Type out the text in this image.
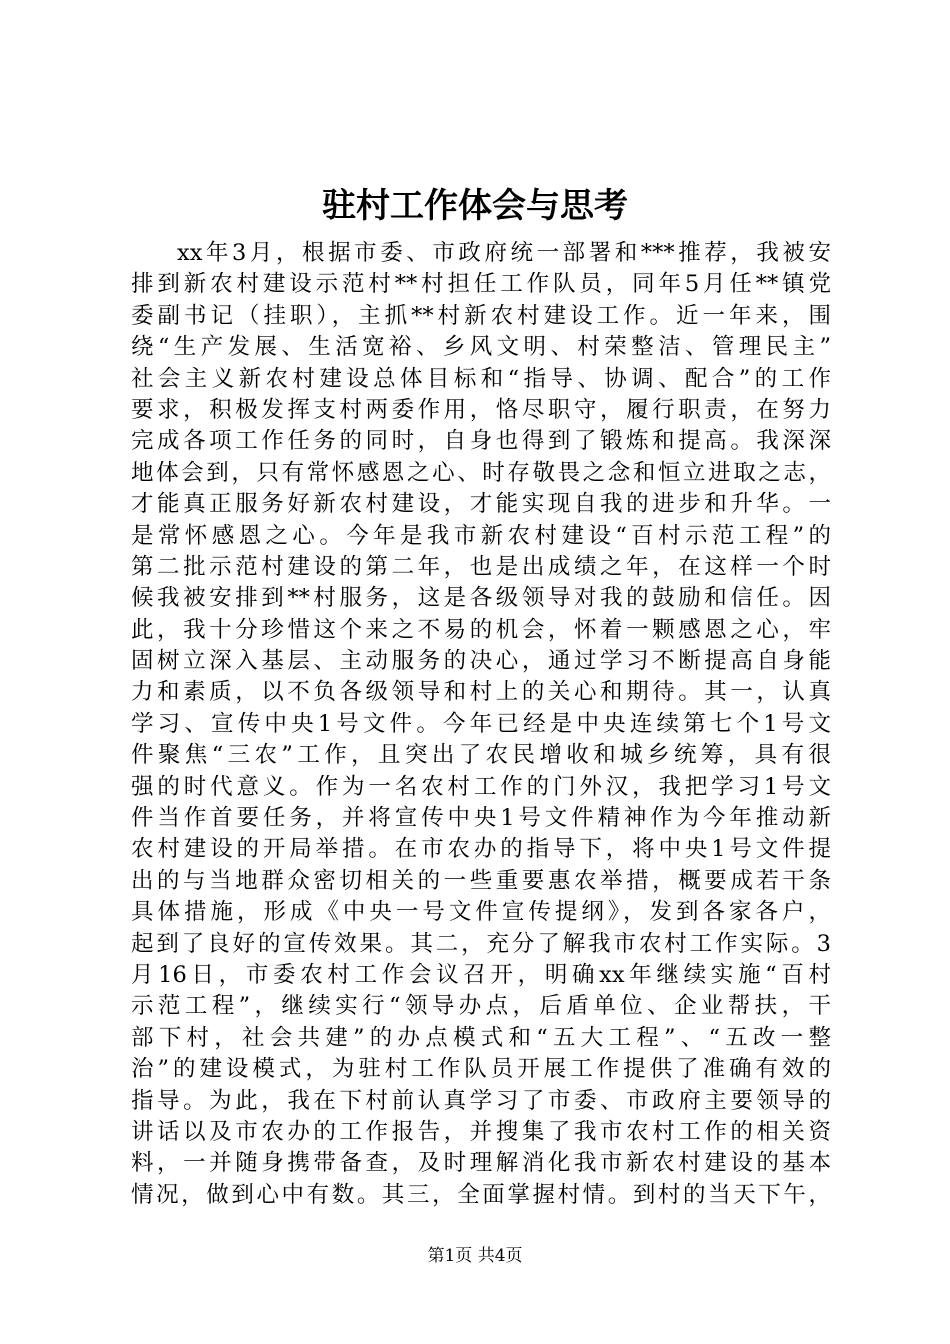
驻村工作体会与思考
xx年3月，根据市委、市政府统一部署和***推荐，我被安
排到新农村建设示范村**村担任工作队员，同年5月任**镇党
委副书记（挂职），主抓**村新农村建设工作。近一年来，围
绕“生产发展、生活宽裕、乡风文明、村荣整洁、管理民主”
社会主义新农村建设总体目标和“指导、协调、配合”的工作
要求，积极发挥支村两委作用，恪尽职守，履行职责，在努力
完成各项工作任务的同时，自身也得到了锻炼和提高。我深深
地体会到，只有常怀感恩之心、时存敬畏之念和恒立进取之志，
才能真正服务好新农村建设，才能实现自我的进步和升华。一
是常怀感恩之心。今年是我市新农村建设“百村示范工程”的
第二批示范村建设的第二年，也是出成绩之年，在这样一个时
候我被安排到**村服务，这是各级领导对我的鼓励和信任。因
此，我十分珍惜这个来之不易的机会，怀着一颗感恩之心，牢
固树立深入基层、主动服务的决心，通过学习不断提高自身能
力和素质，以不负各级领导和村上的关心和期待。其一，认真
学习、宣传中央1号文件。今年已经是中央连续第七个1号文
件聚焦“三农”工作，且突出了农民增收和城乡统筹，具有很
强的时代意义。作为一名农村工作的门外汉，我把学习1号文
件当作首要任务，并将宣传中央1号文件精神作为今年推动新
农村建设的开局举措。在市农办的指导下，将中央1号文件提
出的与当地群众密切相关的一些重要惠农举措，概要成若干条
具体措施，形成《中央一号文件宣传提纲》，发到各家各户，
起到了良好的宣传效果。其二，充分了解我市农村工作实际。3
月16日，市委农村工作会议召开，明确xx年继续实施“百村
示范工程”，继续实行“领导办点，后盾单位、企业帮扶，干
部下村，社会共建”的办点模式和“五大工程”、“五改一整
治”的建设模式，为驻村工作队员开展工作提供了准确有效的
指导。为此，我在下村前认真学习了市委、市政府主要领导的
讲话以及市农办的工作报告，并搜集了我市农村工作的相关资
料，一并随身携带备查，及时理解消化我市新农村建设的基本
情况，做到心中有数。其三，全面掌握村情。到村的当天下午，
第1页 共4页
